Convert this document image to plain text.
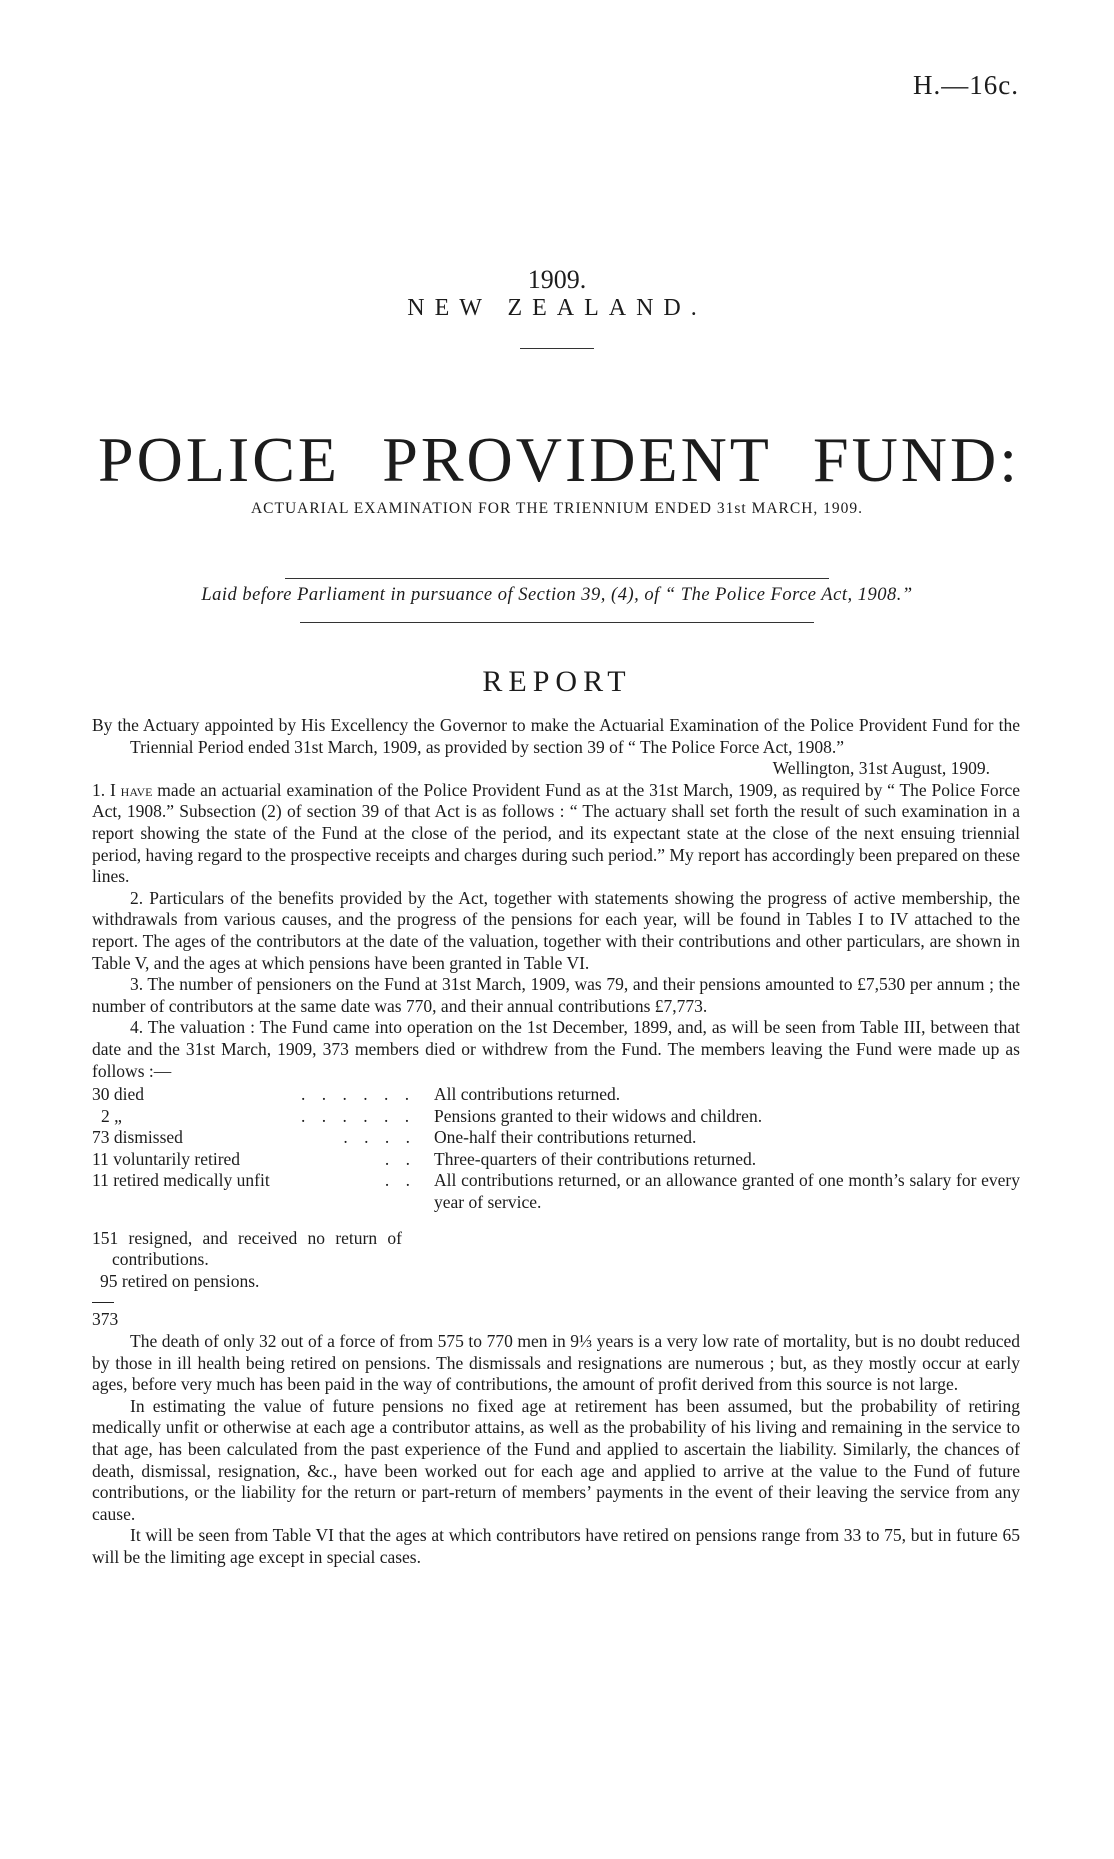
H.—16c.
1909.
NEW ZEALAND.
POLICE PROVIDENT FUND:
ACTUARIAL EXAMINATION FOR THE TRIENNIUM ENDED 31st MARCH, 1909.
Laid before Parliament in pursuance of Section 39, (4), of “ The Police Force Act, 1908.”
REPORT

By the Actuary appointed by His Excellency the Governor to make the Actuarial Examination of the Police Provident Fund for the Triennial Period ended 31st March, 1909, as provided by section 39 of “ The Police Force Act, 1908.”

Wellington, 31st August, 1909.

1. I have made an actuarial examination of the Police Provident Fund as at the 31st March, 1909, as required by “ The Police Force Act, 1908.” Subsection (2) of section 39 of that Act is as follows : “ The actuary shall set forth the result of such examination in a report showing the state of the Fund at the close of the period, and its expectant state at the close of the next ensuing triennial period, having regard to the prospective receipts and charges during such period.” My report has accordingly been prepared on these lines.

2. Particulars of the benefits provided by the Act, together with statements showing the progress of active membership, the withdrawals from various causes, and the progress of the pensions for each year, will be found in Tables I to IV attached to the report. The ages of the contributors at the date of the valuation, together with their contributions and other particulars, are shown in Table V, and the ages at which pensions have been granted in Table VI.

3. The number of pensioners on the Fund at 31st March, 1909, was 79, and their pensions amounted to £7,530 per annum ; the number of contributors at the same date was 770, and their annual contributions £7,773.

4. The valuation : The Fund came into operation on the 1st December, 1899, and, as will be seen from Table III, between that date and the 31st March, 1909, 373 members died or withdrew from the Fund. The members leaving the Fund were made up as follows :—

30 died	. . . . . .	All contributions returned.
2 „	. . . . . .	Pensions granted to their widows and children.
73 dismissed	. . . .	One-half their contributions returned.
11 voluntarily retired	. .	Three-quarters of their contributions returned.
11 retired medically unfit	. .	All contributions returned, or an allowance granted of one month’s salary for every year of service.

151 resigned, and received no return of contributions.

95 retired on pensions.

373

The death of only 32 out of a force of from 575 to 770 men in 9⅓ years is a very low rate of mortality, but is no doubt reduced by those in ill health being retired on pensions. The dismissals and resignations are numerous ; but, as they mostly occur at early ages, before very much has been paid in the way of contributions, the amount of profit derived from this source is not large.

In estimating the value of future pensions no fixed age at retirement has been assumed, but the probability of retiring medically unfit or otherwise at each age a contributor attains, as well as the probability of his living and remaining in the service to that age, has been calculated from the past experience of the Fund and applied to ascertain the liability. Similarly, the chances of death, dismissal, resignation, &c., have been worked out for each age and applied to arrive at the value to the Fund of future contributions, or the liability for the return or part-return of members’ payments in the event of their leaving the service from any cause.

It will be seen from Table VI that the ages at which contributors have retired on pensions range from 33 to 75, but in future 65 will be the limiting age except in special cases.
